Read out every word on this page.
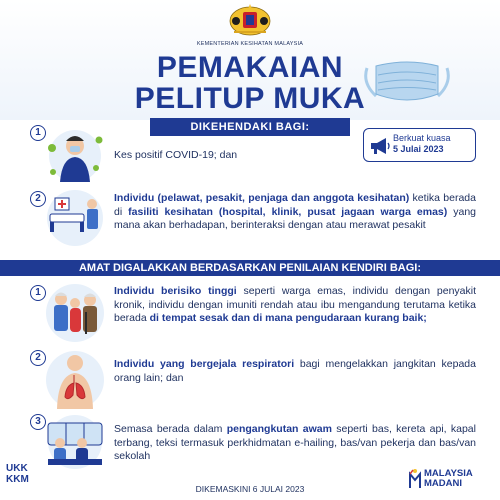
KEMENTERIAN KESIHATAN MALAYSIA
PEMAKAIAN
PELITUP MUKA
DIKEHENDAKI BAGI:
Berkuat kuasa
5 Julai 2023
1
Kes positif COVID-19; dan
2	Individu (pelawat, pesakit, penjaga dan anggota kesihatan) ketika berada di fasiliti kesihatan (hospital, klinik, pusat jagaan warga emas) yang mana akan berhadapan, berinteraksi dengan atau merawat pesakit
AMAT DIGALAKKAN BERDASARKAN PENILAIAN KENDIRI BAGI:
1	Individu berisiko tinggi seperti warga emas, individu dengan penyakit kronik, individu dengan imuniti rendah atau ibu mengandung terutama ketika berada di tempat sesak dan di mana pengudaraan kurang baik;
2
Individu yang bergejala respiratori bagi mengelakkan jangkitan kepada orang lain; dan
3
Semasa berada dalam pengangkutan awam seperti bas, kereta api, kapal terbang, teksi termasuk perkhidmatan e-hailing, bas/van pekerja dan bas/van sekolah
UKK
KKM
DIKEMASKINI 6 JULAI 2023
MALAYSIA
MADANI
